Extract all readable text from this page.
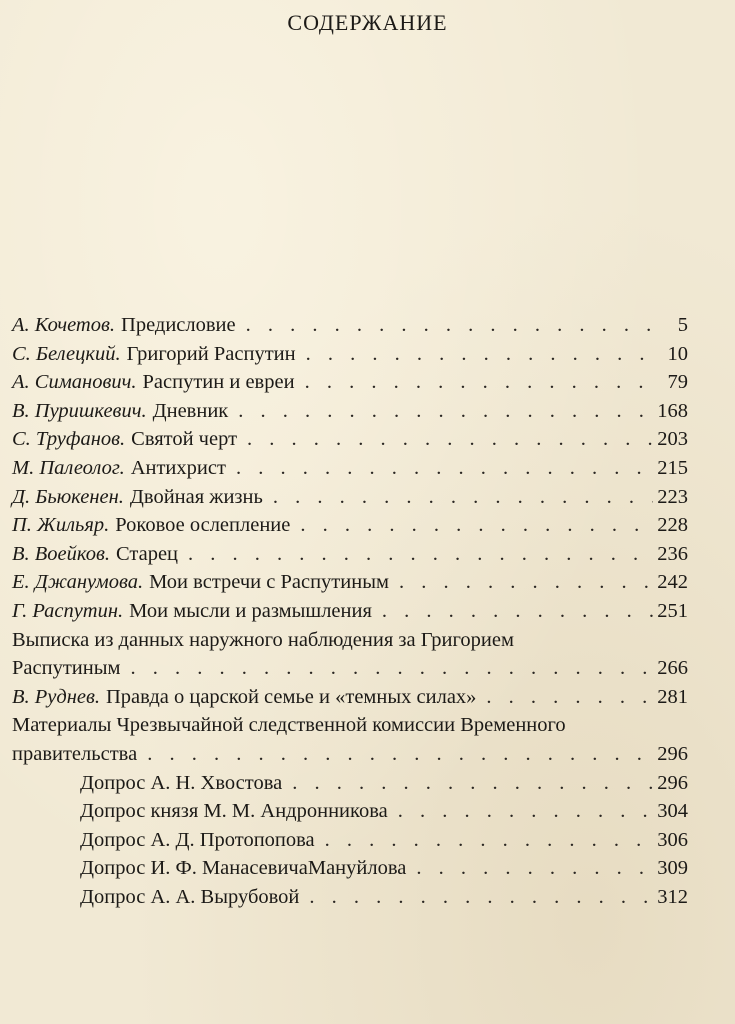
СОДЕРЖАНИЕ
А. Кочетов. Предисловие . . .	5
С. Белецкий. Григорий Распутин . . .	10
А. Симанович. Распутин и евреи . . .	79
В. Пуришкевич. Дневник . . .	168
С. Труфанов. Святой черт . . .	203
М. Палеолог. Антихрист . . .	215
Д. Бьюкенен. Двойная жизнь . . .	223
П. Жильяр. Роковое ослепление . . .	228
В. Воейков. Старец . . .	236
Е. Джанумова. Мои встречи с Распутиным . . .	242
Г. Распутин. Мои мысли и размышления . . .	251
Выписка из данных наружного наблюдения за Григорием
Распутиным . . .	266
В. Руднев. Правда о царской семье и «темных силах» . . .	281
Материалы Чрезвычайной следственной комиссии Временного
правительства . . .	296
Допрос А. Н. Хвостова . . .	296
Допрос князя М. М. Андронникова . . .	304
Допрос А. Д. Протопопова . . .	306
Допрос И. Ф. МанасевичаМануйлова . . .	309
Допрос А. А. Вырубовой . . .	312
